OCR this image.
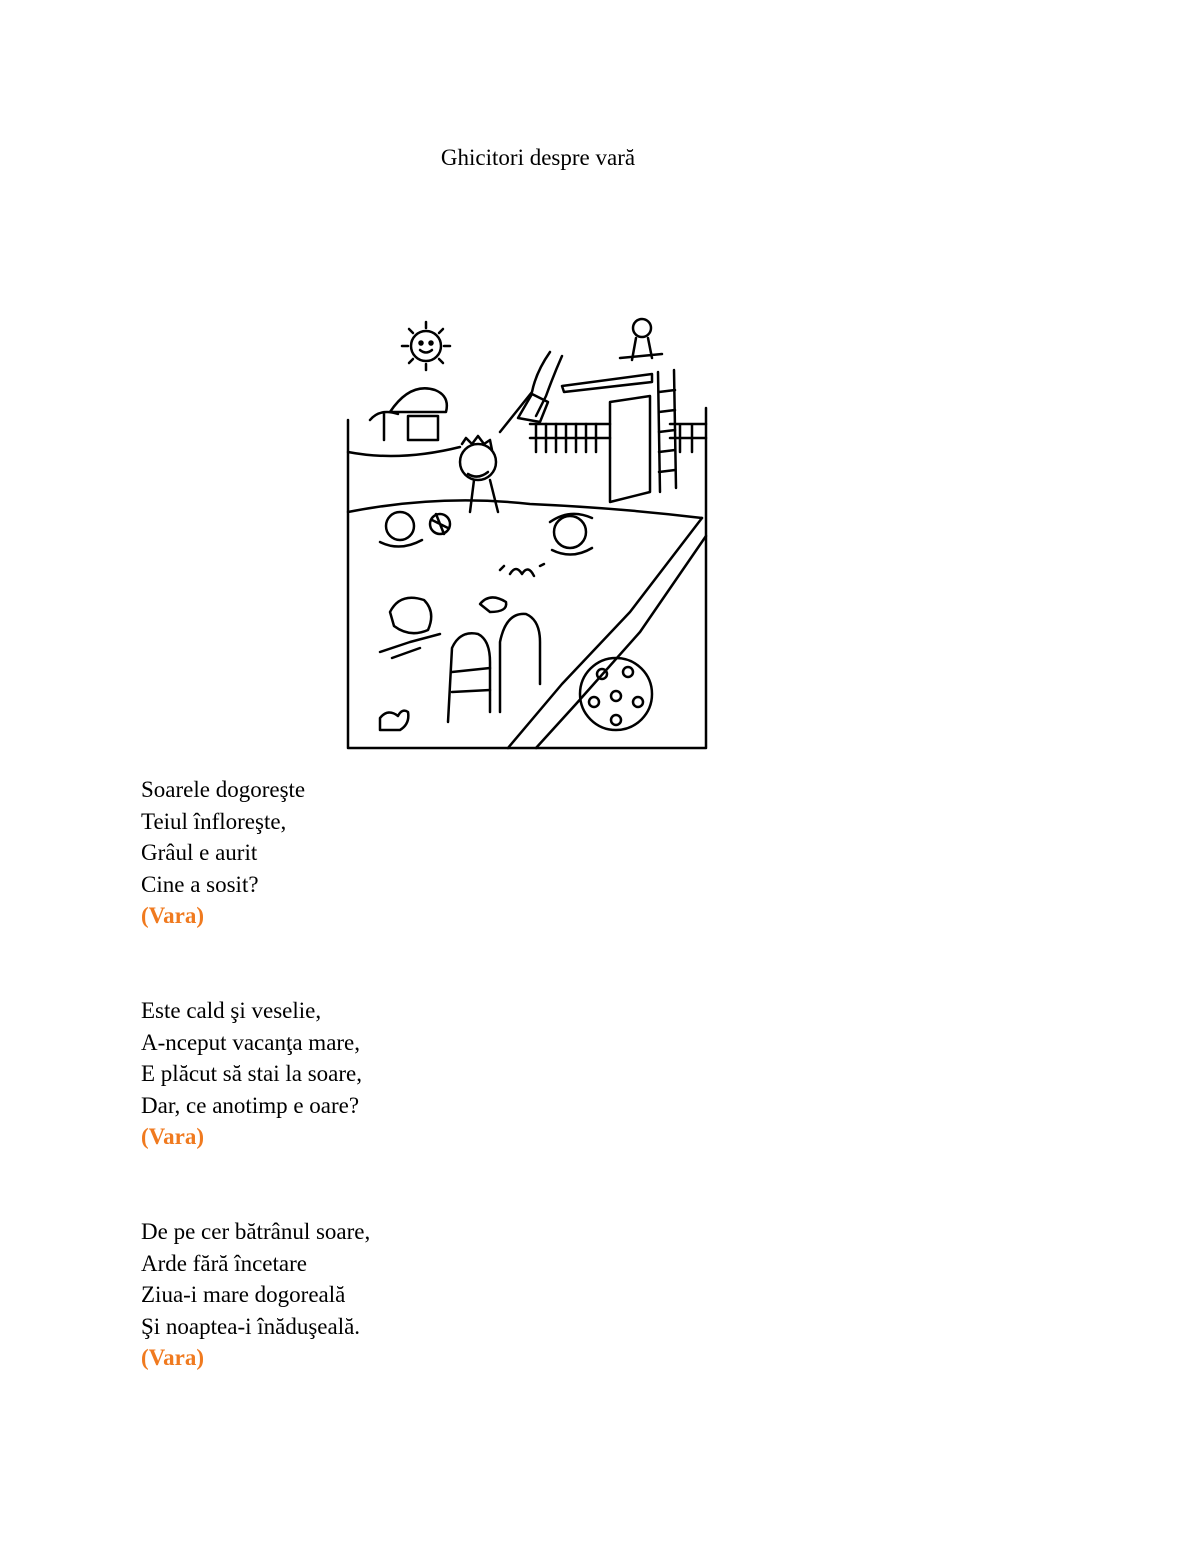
Ghicitori despre vară
Soarele dogoreşte
Teiul înfloreşte,
Grâul e aurit
Cine a sosit?
(Vara)
Este cald şi veselie,
A-nceput vacanţa mare,
E plăcut să stai la soare,
Dar, ce anotimp e oare?
(Vara)
De pe cer bătrânul soare,
Arde fără încetare
Ziua-i mare dogoreală
Şi noaptea-i înăduşeală.
(Vara)
